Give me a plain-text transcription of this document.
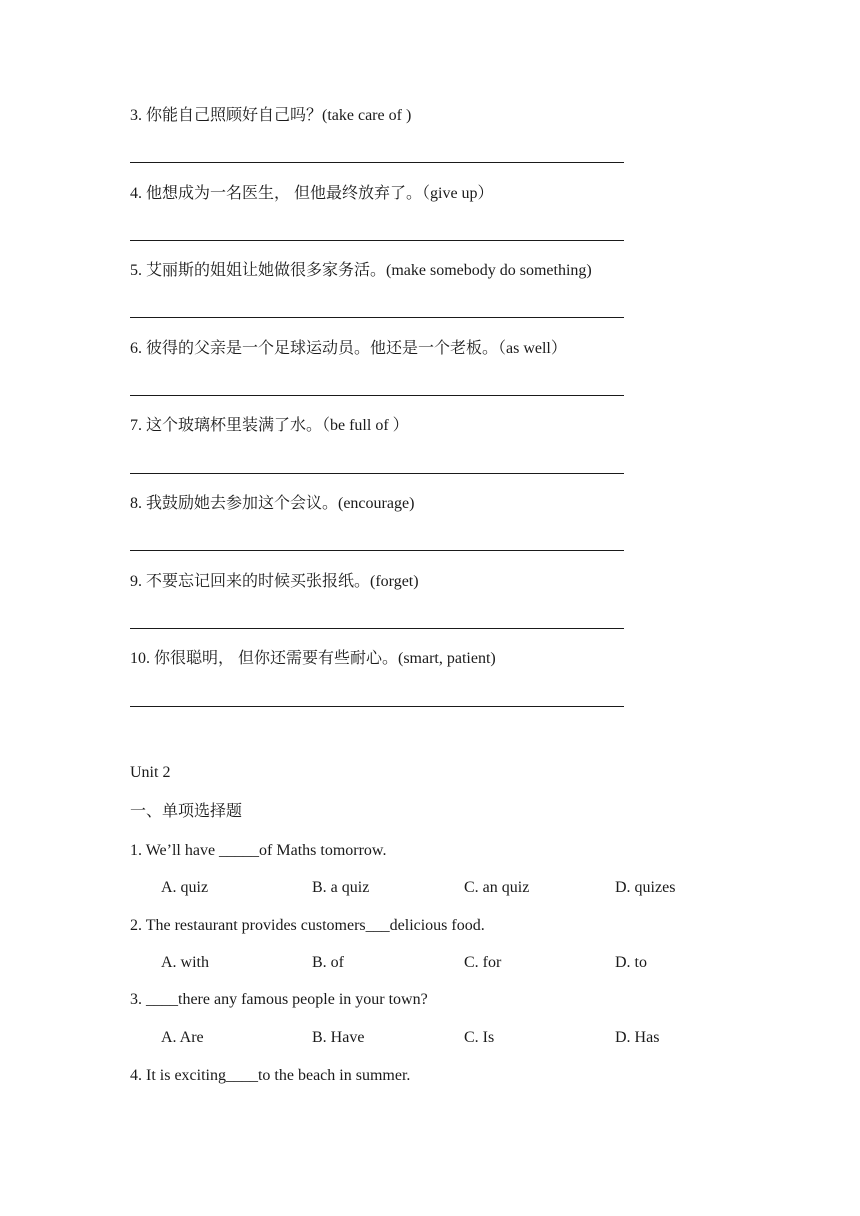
3. 你能自己照顾好自己吗？(take care of )
4. 他想成为一名医生， 但他最终放弃了。（give up）
5. 艾丽斯的姐姐让她做很多家务活。(make somebody do something)
6. 彼得的父亲是一个足球运动员。他还是一个老板。（as well）
7. 这个玻璃杯里装满了水。（be full of ）
8. 我鼓励她去参加这个会议。(encourage)
9. 不要忘记回来的时候买张报纸。(forget)
10. 你很聪明， 但你还需要有些耐心。(smart, patient)
Unit 2
一、单项选择题
1. We’ll have _____of Maths tomorrow.
A. quiz	B. a quiz	C. an quiz	D. quizes
2. The restaurant provides customers___delicious food.
A. with	B. of	C. for	D. to
3. ____there any famous people in your town?
A. Are	B. Have	C. Is	D. Has
4. It is exciting____to the beach in summer.
